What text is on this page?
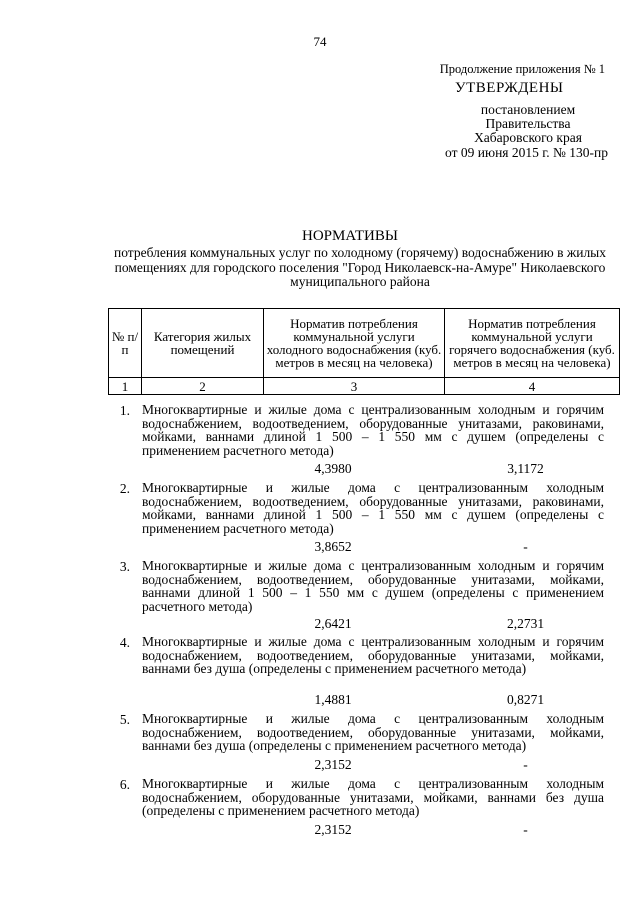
74
Продолжение приложения № 1
УТВЕРЖДЕНЫ
постановлением
Правительства
Хабаровского края
от 09 июня 2015 г. № 130-пр
НОРМАТИВЫ
потребления коммунальных услуг по холодному (горячему) водоснабжению в жилых помещениях для городского поселения "Город Николаевск-на-Амуре" Николаевского муниципального района
№ п/п	Категория жилых помещений	Норматив потребления коммунальной услуги холодного водоснабжения (куб. метров в месяц на человека)	Норматив потребления коммунальной услуги горячего водоснабжения (куб. метров в месяц на человека)
1	2	3	4
1. Многоквартирные и жилые дома с централизованным холодным и горячим водоснабжением, водоотведением, оборудованные унитазами, раковинами, мойками, ваннами длиной 1 500 – 1 550 мм с душем (определены с применением расчетного метода)
4,3980	3,1172
2. Многоквартирные и жилые дома с централизованным холодным водоснабжением, водоотведением, оборудованные унитазами, раковинами, мойками, ваннами длиной 1 500 – 1 550 мм с душем (определены с применением расчетного метода)
3,8652	-
3. Многоквартирные и жилые дома с централизованным холодным и горячим водоснабжением, водоотведением, оборудованные унитазами, мойками, ваннами длиной 1 500 – 1 550 мм с душем (определены с применением расчетного метода)
2,6421	2,2731
4. Многоквартирные и жилые дома с централизованным холодным и горячим водоснабжением, водоотведением, оборудованные унитазами, мойками, ваннами без душа (определены с применением расчетного метода)
1,4881	0,8271
5. Многоквартирные и жилые дома с централизованным холодным водоснабжением, водоотведением, оборудованные унитазами, мойками, ваннами без душа (определены с применением расчетного метода)
2,3152	-
6. Многоквартирные и жилые дома с централизованным холодным водоснабжением, оборудованные унитазами, мойками, ваннами без душа (определены с применением расчетного метода)
2,3152	-
